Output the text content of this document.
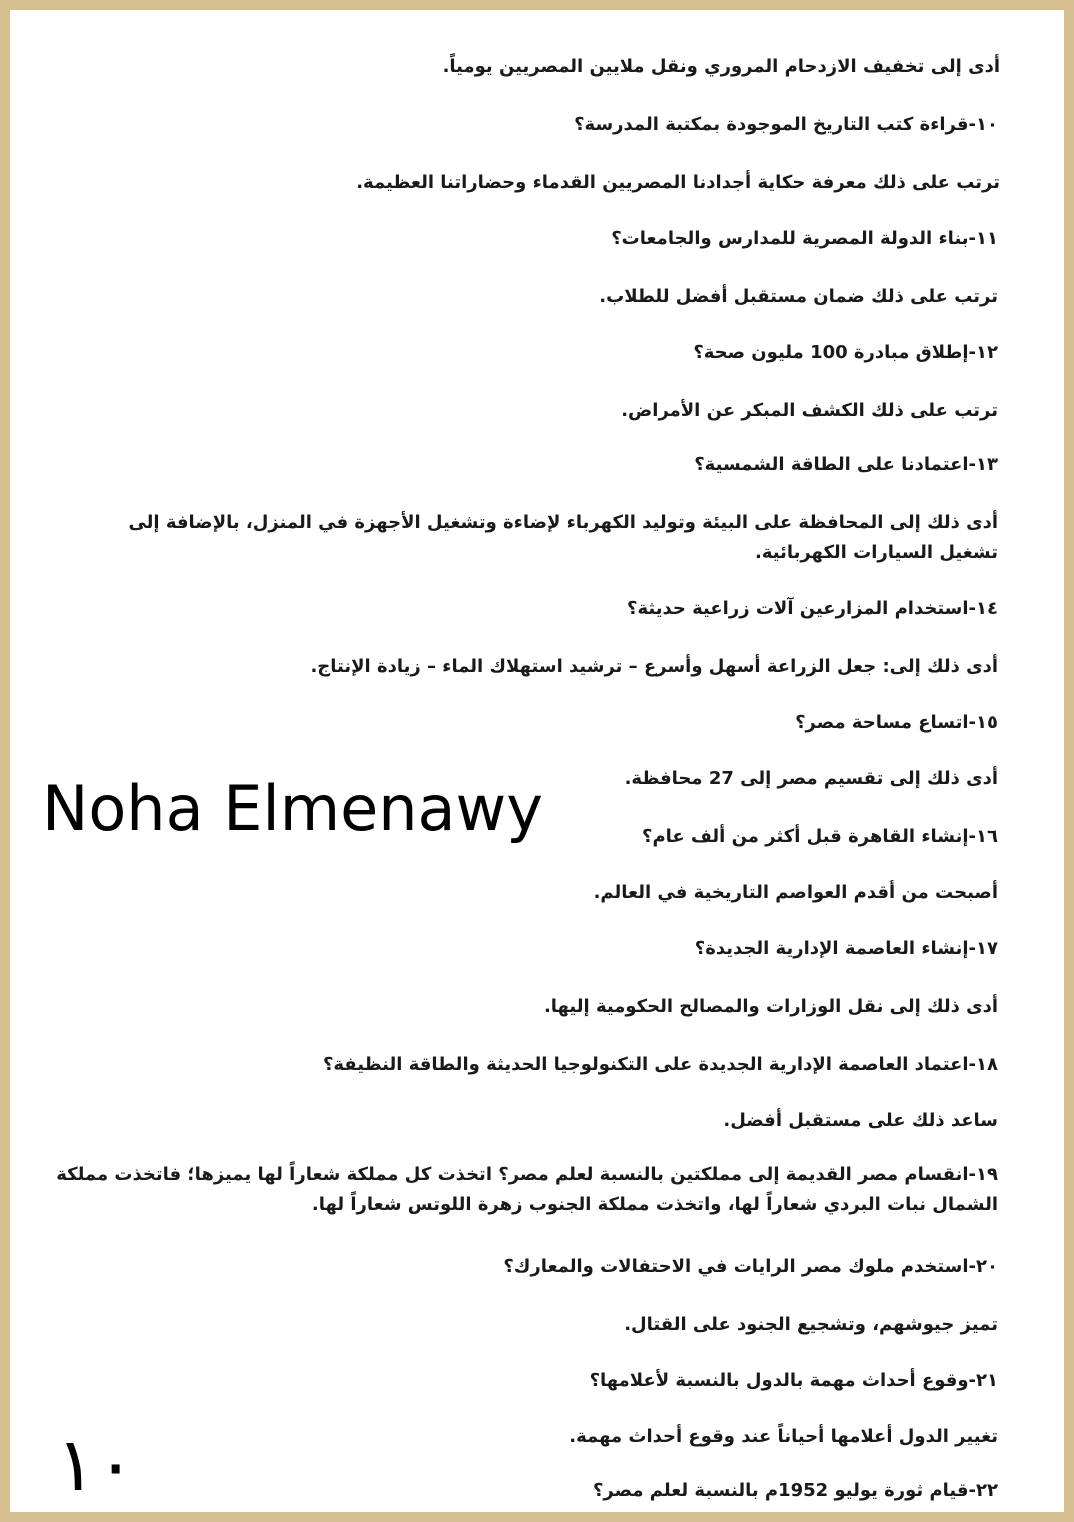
أدى إلى تخفيف الازدحام المروري ونقل ملايين المصريين يومياً.
١٠-قراءة كتب التاريخ الموجودة بمكتبة المدرسة؟
ترتب على ذلك معرفة حكاية أجدادنا المصريين القدماء وحضاراتنا العظيمة.
١١-بناء الدولة المصرية للمدارس والجامعات؟
ترتب على ذلك ضمان مستقبل أفضل للطلاب.
١٢-إطلاق مبادرة 100 مليون صحة؟
ترتب على ذلك الكشف المبكر عن الأمراض.
١٣-اعتمادنا على الطاقة الشمسية؟
أدى ذلك إلى المحافظة على البيئة وتوليد الكهرباء لإضاءة وتشغيل الأجهزة في المنزل، بالإضافة إلى تشغيل السيارات الكهربائية.
١٤-استخدام المزارعين آلات زراعية حديثة؟
أدى ذلك إلى: جعل الزراعة أسهل وأسرع – ترشيد استهلاك الماء – زيادة الإنتاج.
١٥-اتساع مساحة مصر؟
أدى ذلك إلى تقسيم مصر إلى 27 محافظة.
١٦-إنشاء القاهرة قبل أكثر من ألف عام؟
أصبحت من أقدم العواصم التاريخية في العالم.
١٧-إنشاء العاصمة الإدارية الجديدة؟
أدى ذلك إلى نقل الوزارات والمصالح الحكومية إليها.
١٨-اعتماد العاصمة الإدارية الجديدة على التكنولوجيا الحديثة والطاقة النظيفة؟
ساعد ذلك على مستقبل أفضل.
١٩-انقسام مصر القديمة إلى مملكتين بالنسبة لعلم مصر؟ اتخذت كل مملكة شعاراً لها يميزها؛ فاتخذت مملكة الشمال نبات البردي شعاراً لها، واتخذت مملكة الجنوب زهرة اللوتس شعاراً لها.
٢٠-استخدم ملوك مصر الرايات في الاحتفالات والمعارك؟
تميز جيوشهم، وتشجيع الجنود على القتال.
٢١-وقوع أحداث مهمة بالدول بالنسبة لأعلامها؟
تغيير الدول أعلامها أحياناً عند وقوع أحداث مهمة.
٢٢-قيام ثورة يوليو 1952م بالنسبة لعلم مصر؟
Noha Elmenawy
١٠
